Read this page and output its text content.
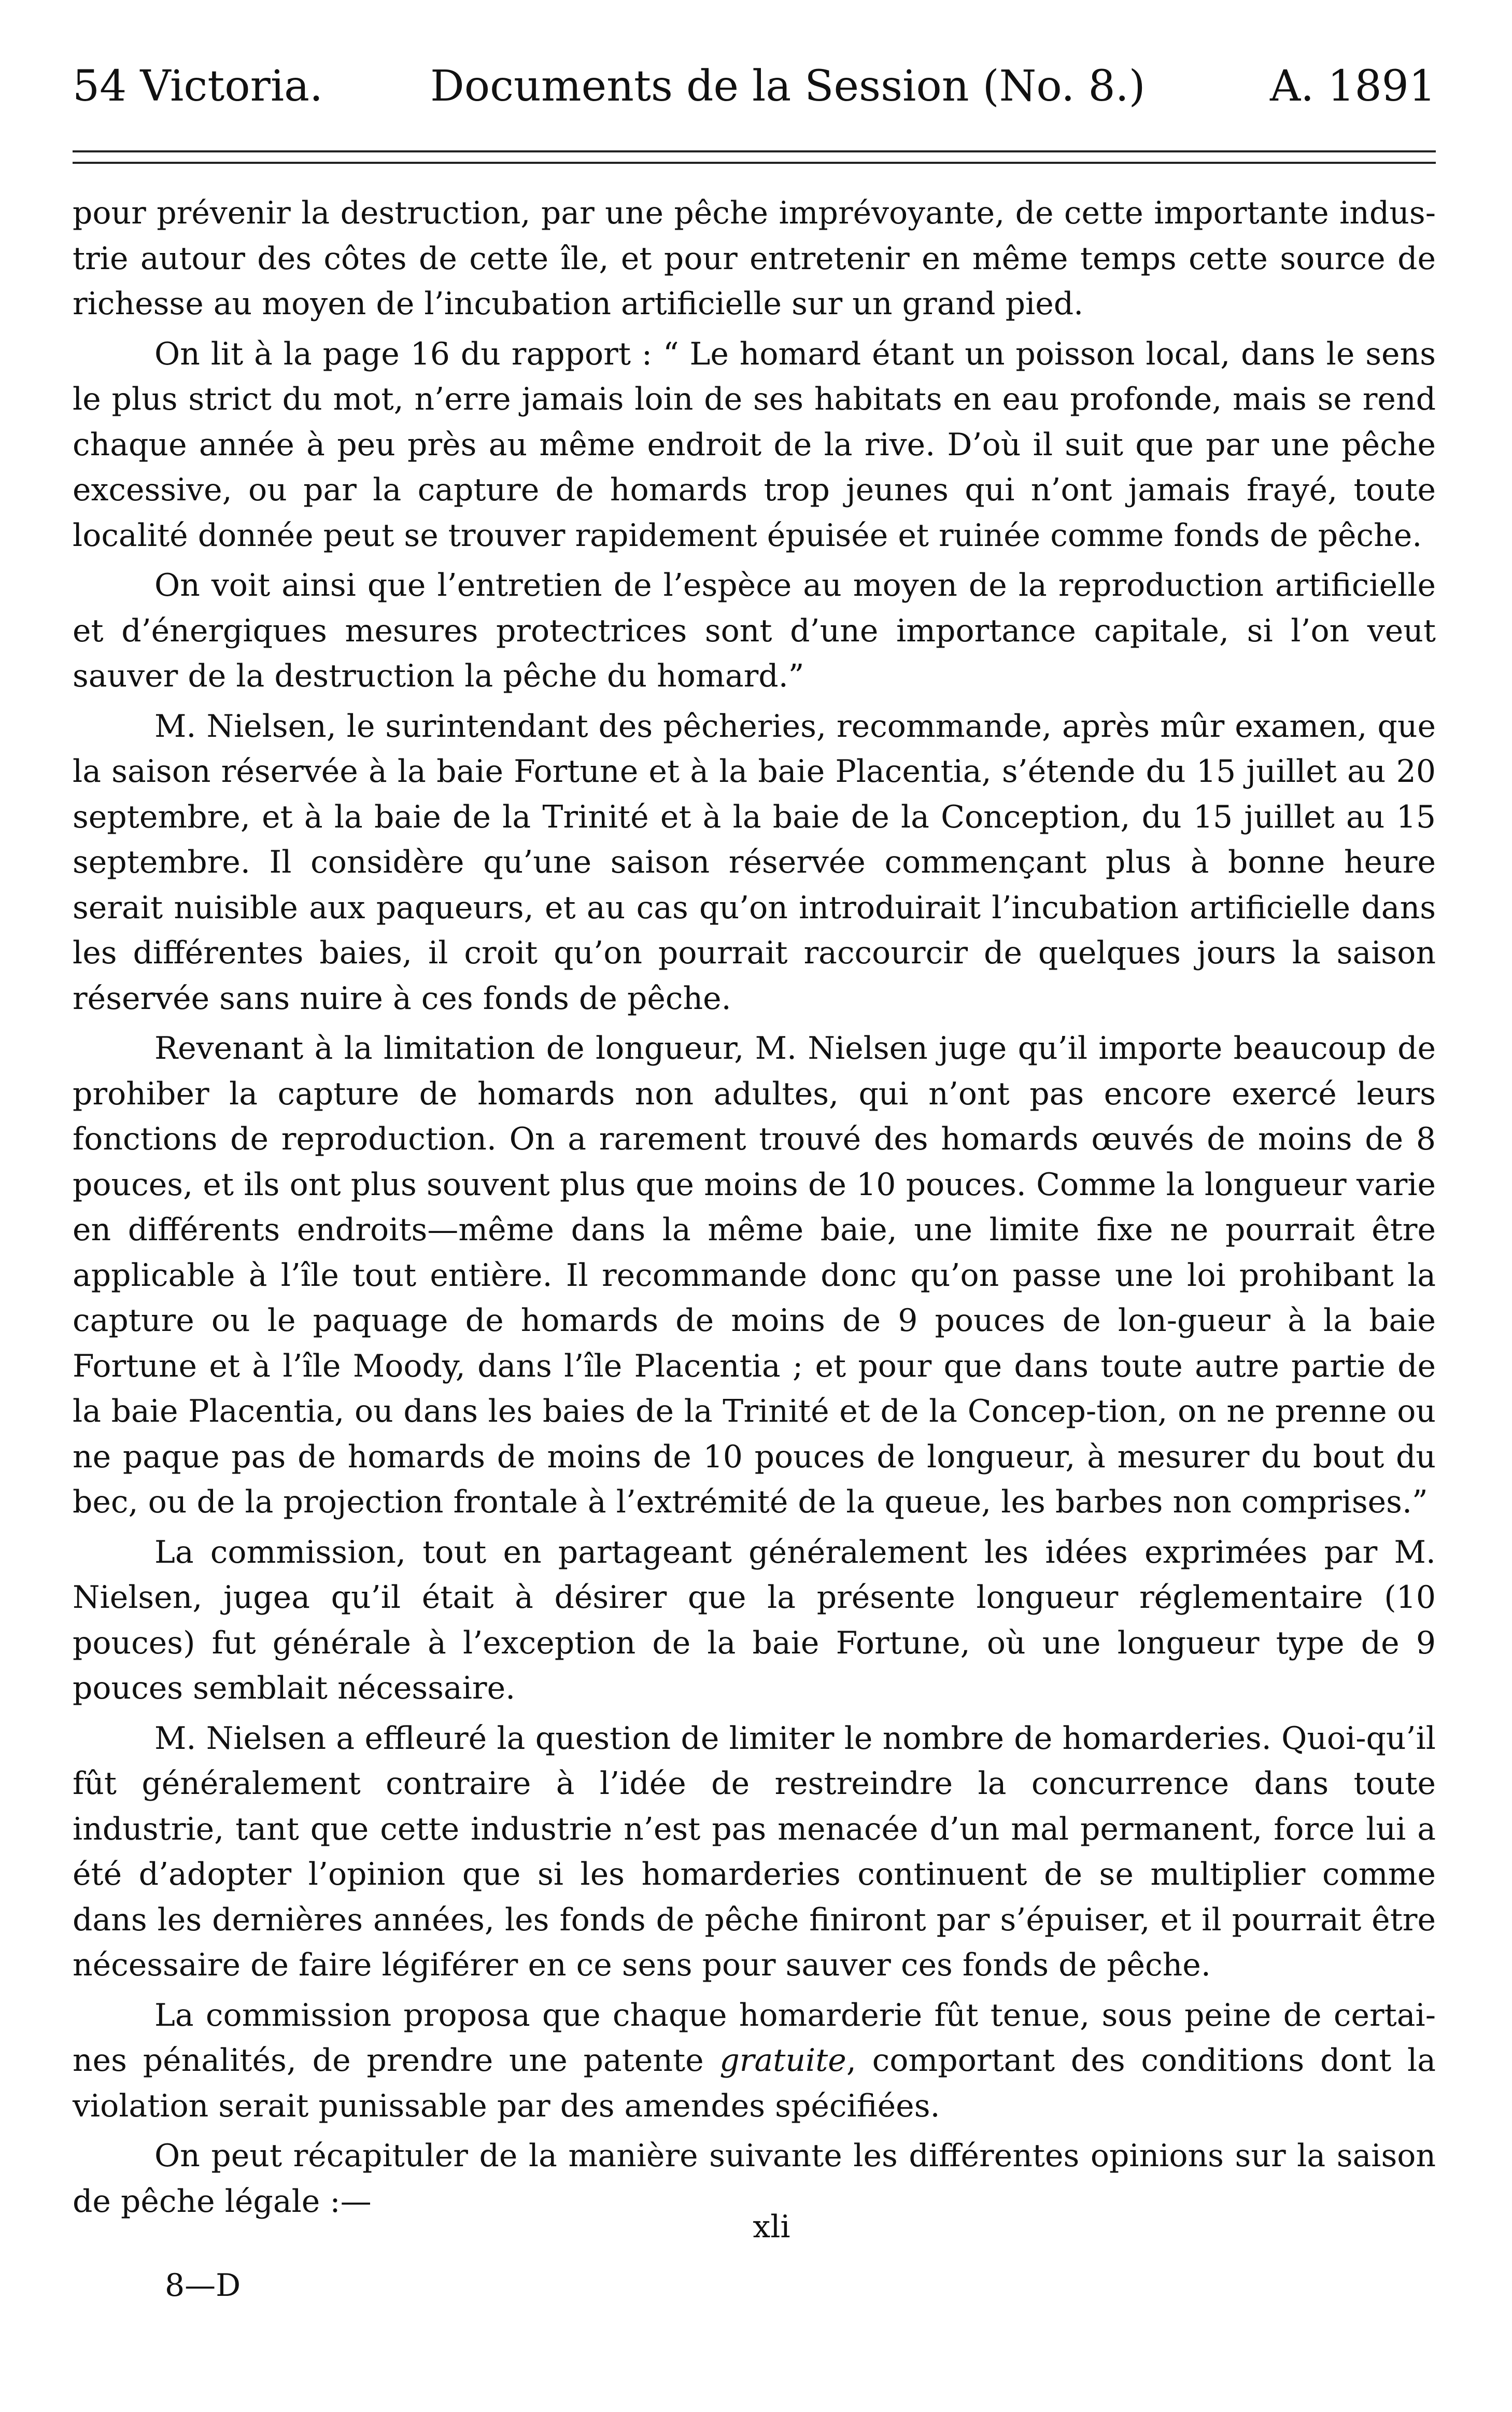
54 Victoria.	Documents de la Session (No. 8.)	A. 1891

pour prévenir la destruction, par une pêche imprévoyante, de cette importante indus-trie autour des côtes de cette île, et pour entretenir en même temps cette source de richesse au moyen de l’incubation artificielle sur un grand pied.

On lit à la page 16 du rapport : “ Le homard étant un poisson local, dans le sens le plus strict du mot, n’erre jamais loin de ses habitats en eau profonde, mais se rend chaque année à peu près au même endroit de la rive. D’où il suit que par une pêche excessive, ou par la capture de homards trop jeunes qui n’ont jamais frayé, toute localité donnée peut se trouver rapidement épuisée et ruinée comme fonds de pêche.

On voit ainsi que l’entretien de l’espèce au moyen de la reproduction artificielle et d’énergiques mesures protectrices sont d’une importance capitale, si l’on veut sauver de la destruction la pêche du homard.”

M. Nielsen, le surintendant des pêcheries, recommande, après mûr examen, que la saison réservée à la baie Fortune et à la baie Placentia, s’étende du 15 juillet au 20 septembre, et à la baie de la Trinité et à la baie de la Conception, du 15 juillet au 15 septembre. Il considère qu’une saison réservée commençant plus à bonne heure serait nuisible aux paqueurs, et au cas qu’on introduirait l’incubation artificielle dans les différentes baies, il croit qu’on pourrait raccourcir de quelques jours la saison réservée sans nuire à ces fonds de pêche.

Revenant à la limitation de longueur, M. Nielsen juge qu’il importe beaucoup de prohiber la capture de homards non adultes, qui n’ont pas encore exercé leurs fonctions de reproduction. On a rarement trouvé des homards œuvés de moins de 8 pouces, et ils ont plus souvent plus que moins de 10 pouces. Comme la longueur varie en différents endroits—même dans la même baie, une limite fixe ne pourrait être applicable à l’île tout entière. Il recommande donc qu’on passe une loi prohibant la capture ou le paquage de homards de moins de 9 pouces de lon-gueur à la baie Fortune et à l’île Moody, dans l’île Placentia ; et pour que dans toute autre partie de la baie Placentia, ou dans les baies de la Trinité et de la Concep-tion, on ne prenne ou ne paque pas de homards de moins de 10 pouces de longueur, à mesurer du bout du bec, ou de la projection frontale à l’extrémité de la queue, les barbes non comprises.”

La commission, tout en partageant généralement les idées exprimées par M. Nielsen, jugea qu’il était à désirer que la présente longueur réglementaire (10 pouces) fut générale à l’exception de la baie Fortune, où une longueur type de 9 pouces semblait nécessaire.

M. Nielsen a effleuré la question de limiter le nombre de homarderies. Quoi-qu’il fût généralement contraire à l’idée de restreindre la concurrence dans toute industrie, tant que cette industrie n’est pas menacée d’un mal permanent, force lui a été d’adopter l’opinion que si les homarderies continuent de se multiplier comme dans les dernières années, les fonds de pêche finiront par s’épuiser, et il pourrait être nécessaire de faire légiférer en ce sens pour sauver ces fonds de pêche.

La commission proposa que chaque homarderie fût tenue, sous peine de certai-nes pénalités, de prendre une patente gratuite, comportant des conditions dont la violation serait punissable par des amendes spécifiées.

On peut récapituler de la manière suivante les différentes opinions sur la saison de pêche légale :—

xli
8—D
